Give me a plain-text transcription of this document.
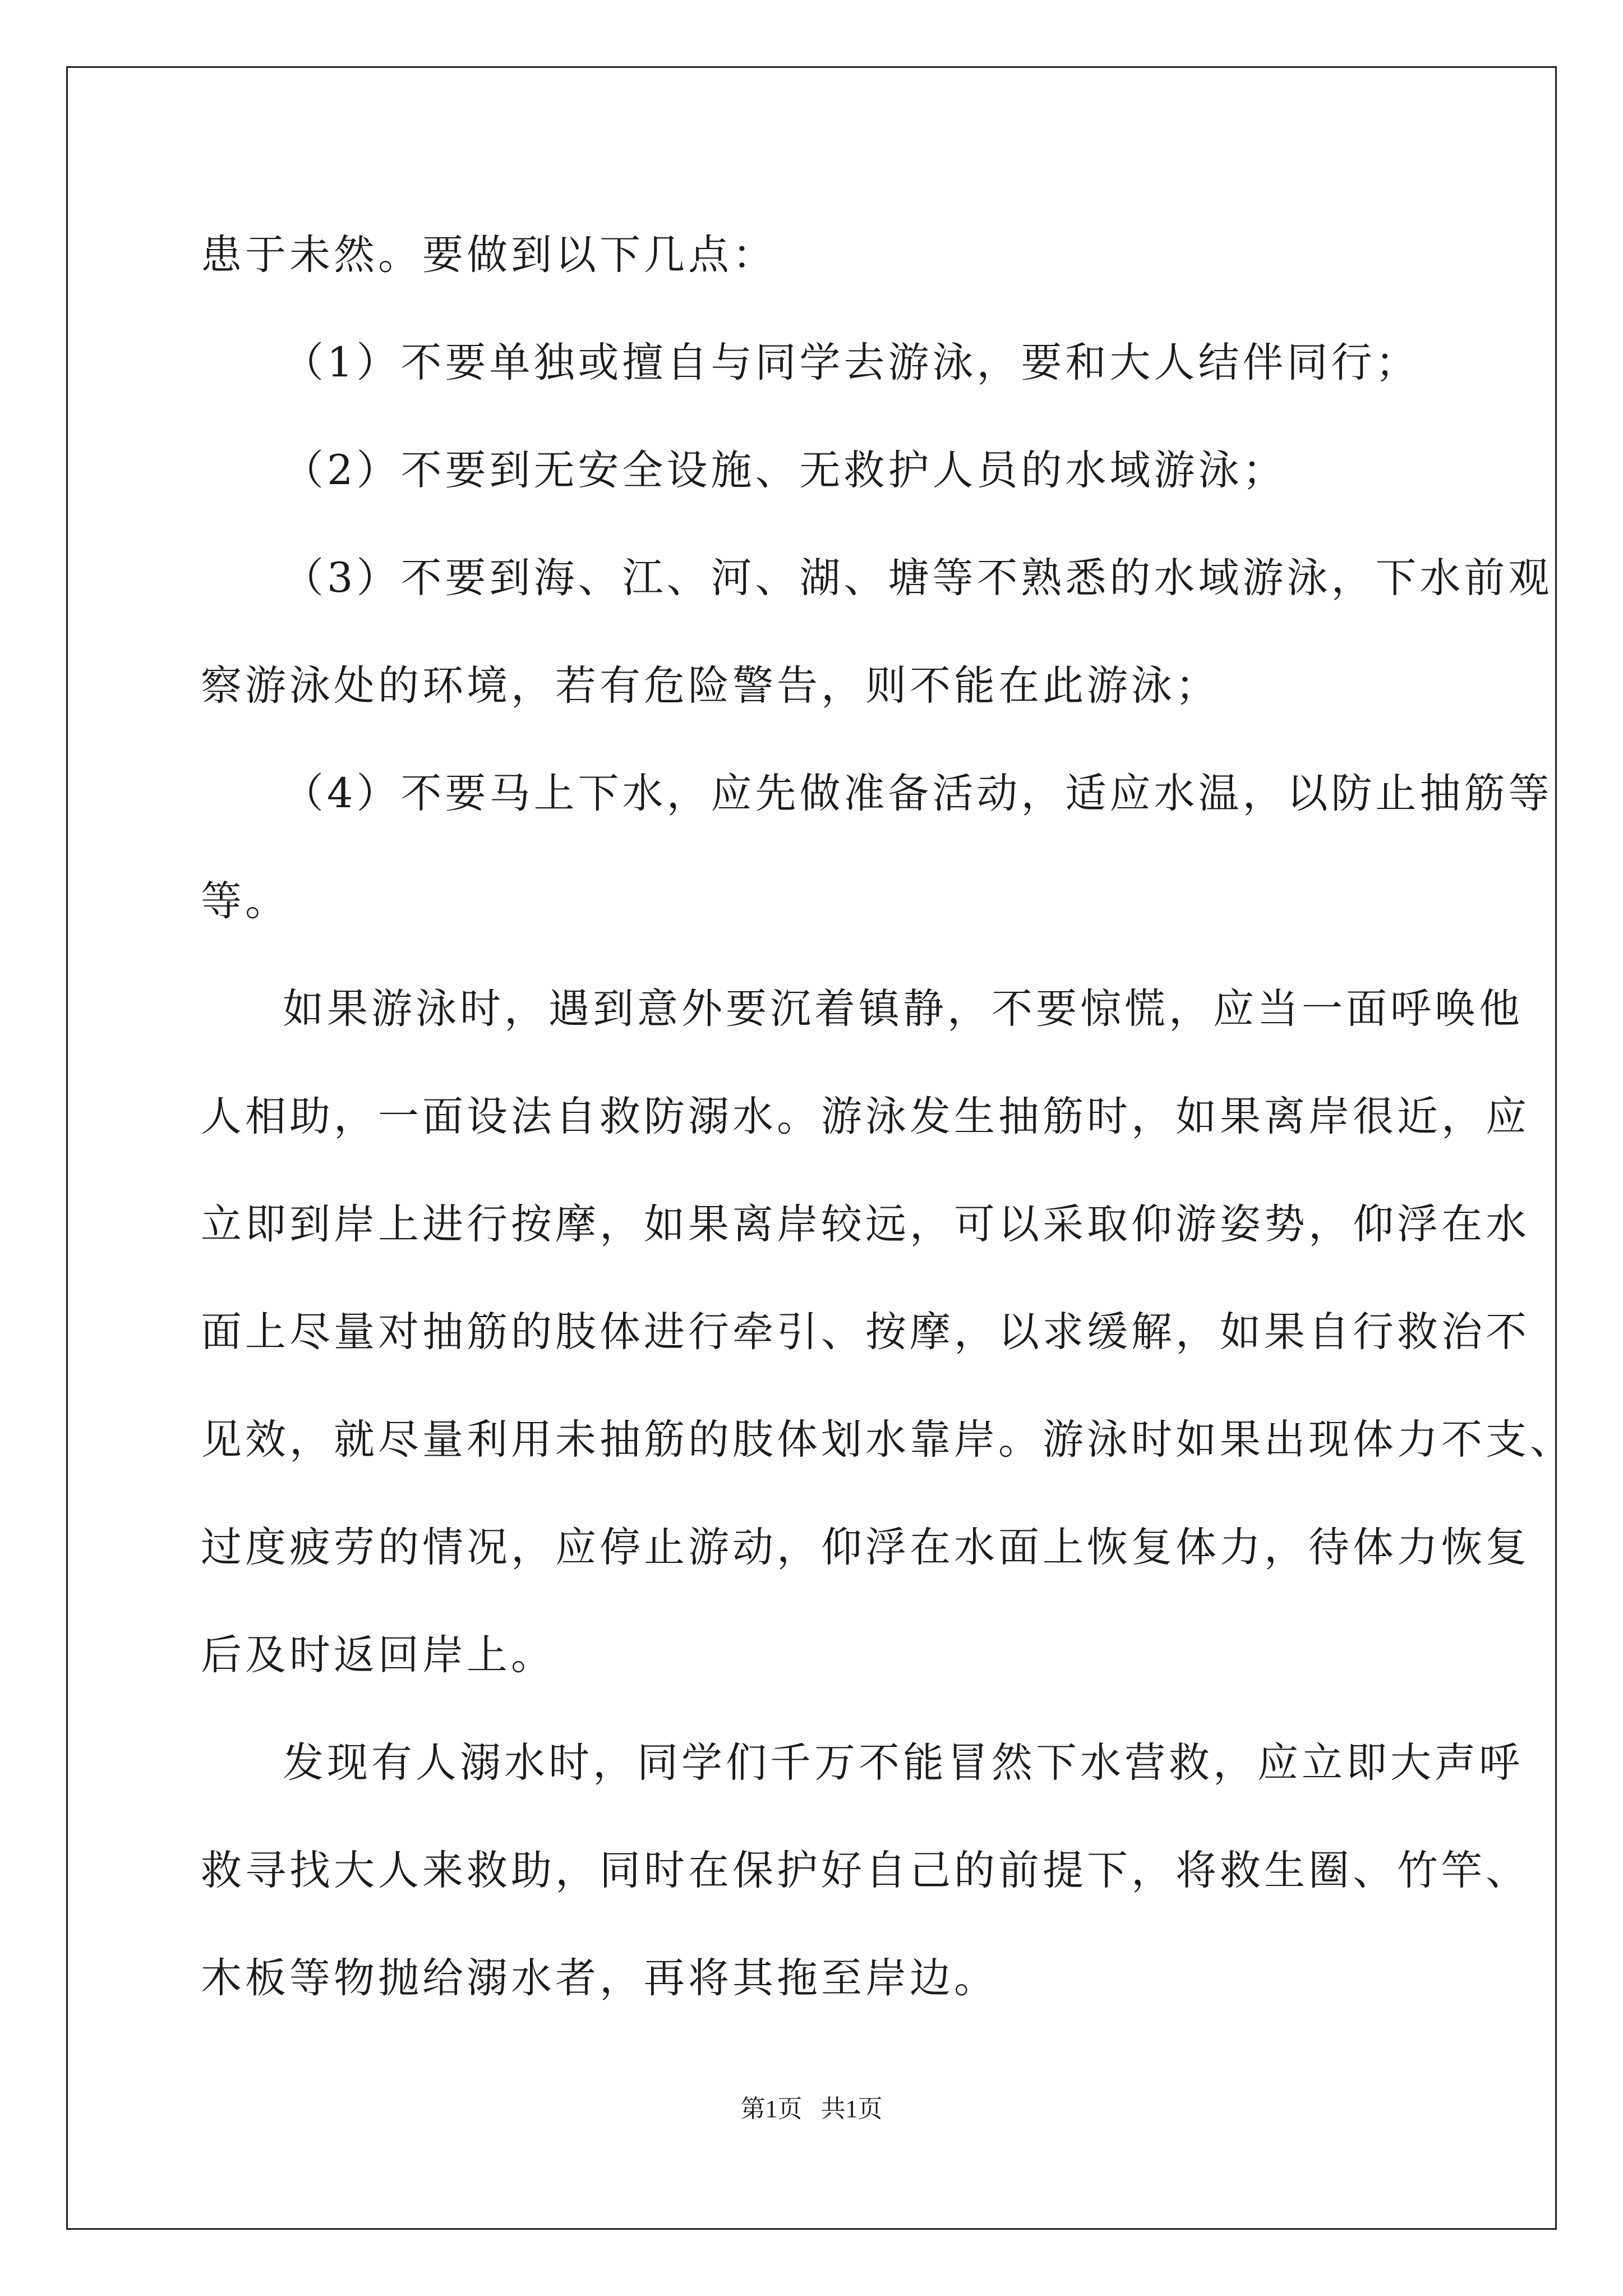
患于未然。要做到以下几点：
（1）不要单独或擅自与同学去游泳，要和大人结伴同行；
（2）不要到无安全设施、无救护人员的水域游泳；
（3）不要到海、江、河、湖、塘等不熟悉的水域游泳，下水前观
察游泳处的环境，若有危险警告，则不能在此游泳；
（4）不要马上下水，应先做准备活动，适应水温，以防止抽筋等
等。
如果游泳时，遇到意外要沉着镇静，不要惊慌，应当一面呼唤他
人相助，一面设法自救防溺水。游泳发生抽筋时，如果离岸很近，应
立即到岸上进行按摩，如果离岸较远，可以采取仰游姿势，仰浮在水
面上尽量对抽筋的肢体进行牵引、按摩，以求缓解，如果自行救治不
见效，就尽量利用未抽筋的肢体划水靠岸。游泳时如果出现体力不支、
过度疲劳的情况，应停止游动，仰浮在水面上恢复体力，待体力恢复
后及时返回岸上。
发现有人溺水时，同学们千万不能冒然下水营救，应立即大声呼
救寻找大人来救助，同时在保护好自己的前提下，将救生圈、竹竿、
木板等物抛给溺水者，再将其拖至岸边。
第1页   共1页
